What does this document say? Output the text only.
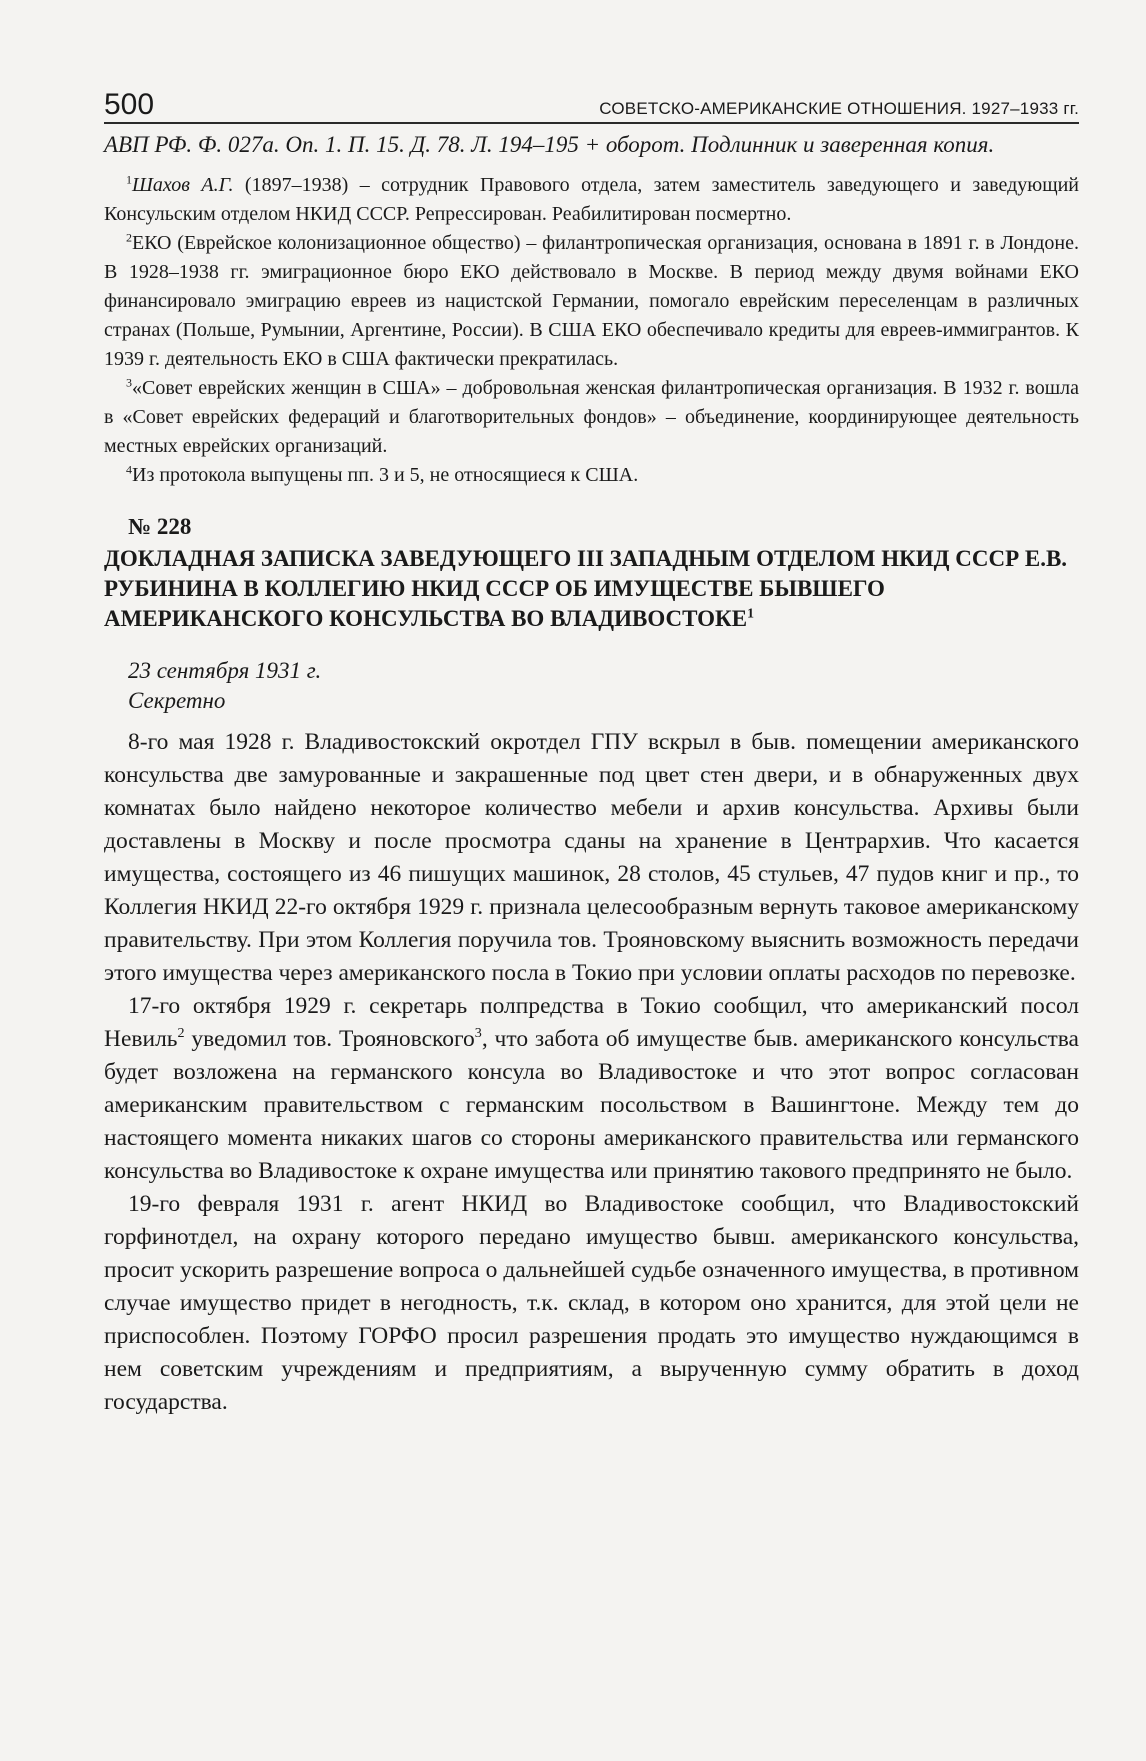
500	СОВЕТСКО-АМЕРИКАНСКИЕ ОТНОШЕНИЯ. 1927–1933 гг.

АВП РФ. Ф. 027а. Оп. 1. П. 15. Д. 78. Л. 194–195 + оборот. Подлинник и заверенная копия.

$^1$Шахов А.Г. (1897–1938) – сотрудник Правового отдела, затем заместитель заведующего и заведующий Консульским отделом НКИД СССР. Репрессирован. Реабилитирован посмертно.

$^2$ЕКО (Еврейское колонизационное общество) – филантропическая организация, основана в 1891 г. в Лондоне. В 1928–1938 гг. эмиграционное бюро ЕКО действовало в Москве. В период между двумя войнами ЕКО финансировало эмиграцию евреев из нацистской Германии, помогало еврейским переселенцам в различных странах (Польше, Румынии, Аргентине, России). В США ЕКО обеспечивало кредиты для евреев-иммигрантов. К 1939 г. деятельность ЕКО в США фактически прекратилась.

$^3$«Совет еврейских женщин в США» – добровольная женская филантропическая организация. В 1932 г. вошла в «Совет еврейских федераций и благотворительных фондов» – объединение, координирующее деятельность местных еврейских организаций.

$^4$Из протокола выпущены пп. 3 и 5, не относящиеся к США.

№ 228

ДОКЛАДНАЯ ЗАПИСКА ЗАВЕДУЮЩЕГО III ЗАПАДНЫМ ОТДЕЛОМ НКИД СССР Е.В. РУБИНИНА В КОЛЛЕГИЮ НКИД СССР ОБ ИМУЩЕСТВЕ БЫВШЕГО АМЕРИКАНСКОГО КОНСУЛЬСТВА ВО ВЛАДИВОСТОКЕ$^1$

23 сентября 1931 г.

Секретно

8-го мая 1928 г. Владивостокский окротдел ГПУ вскрыл в быв. помещении американского консульства две замурованные и закрашенные под цвет стен двери, и в обнаруженных двух комнатах было найдено некоторое количество мебели и архив консульства. Архивы были доставлены в Москву и после просмотра сданы на хранение в Центрархив. Что касается имущества, состоящего из 46 пишущих машинок, 28 столов, 45 стульев, 47 пудов книг и пр., то Коллегия НКИД 22-го октября 1929 г. признала целесообразным вернуть таковое американскому правительству. При этом Коллегия поручила тов. Трояновскому выяснить возможность передачи этого имущества через американского посла в Токио при условии оплаты расходов по перевозке.

17-го октября 1929 г. секретарь полпредства в Токио сообщил, что американский посол Невиль$^2$ уведомил тов. Трояновского$^3$, что забота об имуществе быв. американского консульства будет возложена на германского консула во Владивостоке и что этот вопрос согласован американским правительством с германским посольством в Вашингтоне. Между тем до настоящего момента никаких шагов со стороны американского правительства или германского консульства во Владивостоке к охране имущества или принятию такового предпринято не было.

19-го февраля 1931 г. агент НКИД во Владивостоке сообщил, что Владивостокский горфинотдел, на охрану которого передано имущество бывш. американского консульства, просит ускорить разрешение вопроса о дальнейшей судьбе означенного имущества, в противном случае имущество придет в негодность, т.к. склад, в котором оно хранится, для этой цели не приспособлен. Поэтому ГОРФО просил разрешения продать это имущество нуждающимся в нем советским учреждениям и предприятиям, а вырученную сумму обратить в доход государства.
